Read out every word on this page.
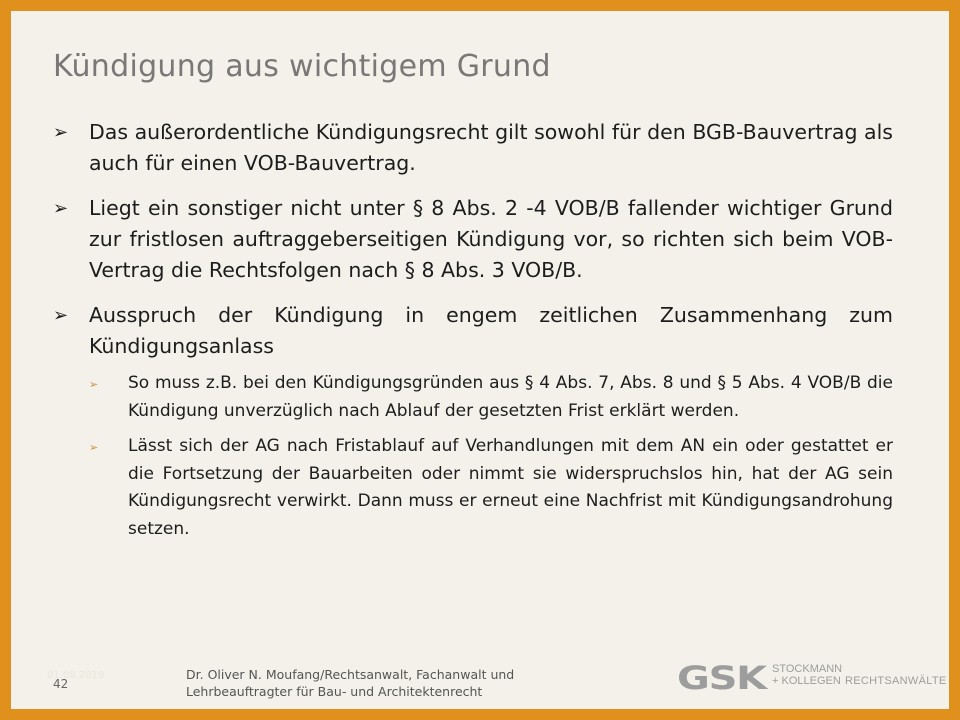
Kündigung aus wichtigem Grund
➢ Das außerordentliche Kündigungsrecht gilt sowohl für den BGB-Bauvertrag als auch für einen VOB-Bauvertrag.
➢ Liegt ein sonstiger nicht unter § 8 Abs. 2 -4 VOB/B fallender wichtiger Grund zur fristlosen auftraggeberseitigen Kündigung vor, so richten sich beim VOB-Vertrag die Rechtsfolgen nach § 8 Abs. 3 VOB/B.
➢ Ausspruch der Kündigung in engem zeitlichen Zusammenhang zum Kündigungsanlass
➢ So muss z.B. bei den Kündigungsgründen aus § 4 Abs. 7, Abs. 8 und § 5 Abs. 4 VOB/B die Kündigung unverzüglich nach Ablauf der gesetzten Frist erklärt werden.
➢ Lässt sich der AG nach Fristablauf auf Verhandlungen mit dem AN ein oder gestattet er die Fortsetzung der Bauarbeiten oder nimmt sie widerspruchslos hin, hat der AG sein Kündigungsrecht verwirkt. Dann muss er erneut eine Nachfrist mit Kündigungsandrohung setzen.
01.08.2019
42
Dr. Oliver N. Moufang/Rechtsanwalt, Fachanwalt und
Lehrbeauftragter für Bau- und Architektenrecht	GSK STOCKMANN
+ KOLLEGEN RECHTSANWÄLTE
